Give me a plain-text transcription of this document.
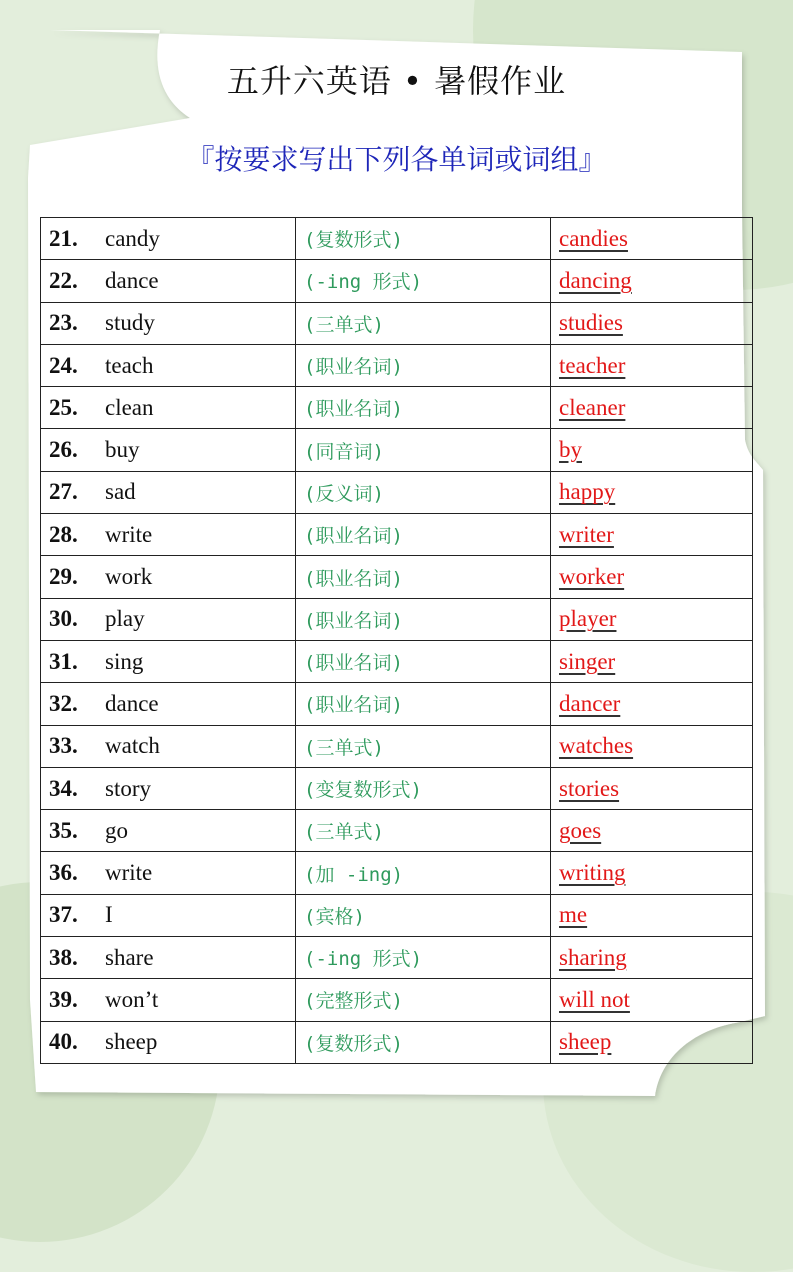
五升六英语 • 暑假作业
『按要求写出下列各单词或词组』
21. candy	(复数形式)	candies
22. dance	(-ing 形式)	dancing
23. study	(三单式)	studies
24. teach	(职业名词)	teacher
25. clean	(职业名词)	cleaner
26. buy	(同音词)	by
27. sad	(反义词)	happy
28. write	(职业名词)	writer
29. work	(职业名词)	worker
30. play	(职业名词)	player
31. sing	(职业名词)	singer
32. dance	(职业名词)	dancer
33. watch	(三单式)	watches
34. story	(变复数形式)	stories
35. go	(三单式)	goes
36. write	(加 -ing)	writing
37. I	(宾格)	me
38. share	(-ing 形式)	sharing
39. won’t	(完整形式)	will not
40. sheep	(复数形式)	sheep
